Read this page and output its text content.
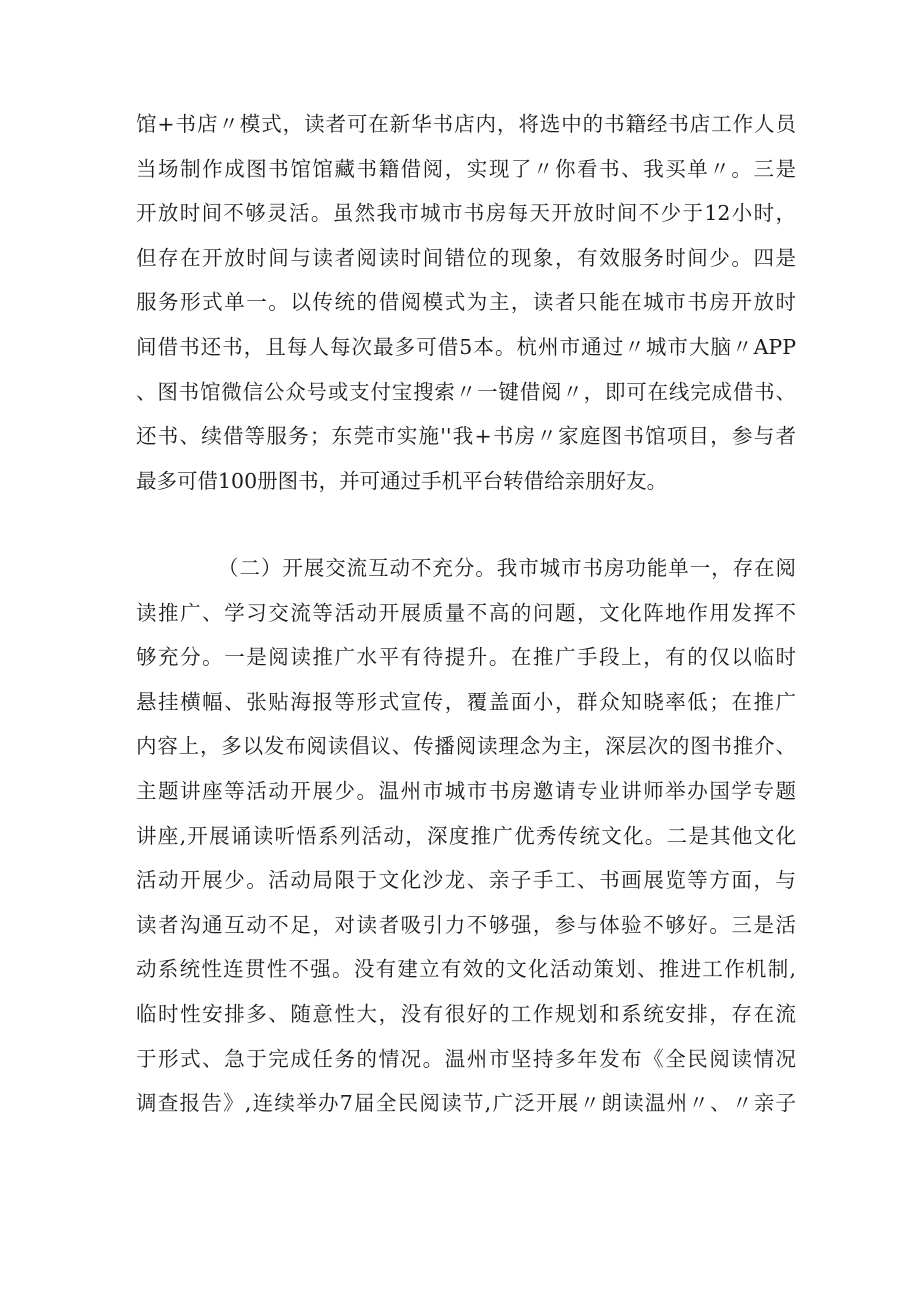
馆+书店〃模式，读者可在新华书店内，将选中的书籍经书店工作人员
当场制作成图书馆馆藏书籍借阅，实现了〃你看书、我买单〃。三是
开放时间不够灵活。虽然我市城市书房每天开放时间不少于12小时，
但存在开放时间与读者阅读时间错位的现象，有效服务时间少。四是
服务形式单一。以传统的借阅模式为主，读者只能在城市书房开放时
间借书还书，且每人每次最多可借5本。杭州市通过〃城市大脑〃APP
、图书馆微信公众号或支付宝搜索〃一键借阅〃，即可在线完成借书、
还书、续借等服务；东莞市实施''我+书房〃家庭图书馆项目，参与者
最多可借100册图书，并可通过手机平台转借给亲朋好友。
（二）开展交流互动不充分。我市城市书房功能单一，存在阅
读推广、学习交流等活动开展质量不高的问题，文化阵地作用发挥不
够充分。一是阅读推广水平有待提升。在推广手段上，有的仅以临时
悬挂横幅、张贴海报等形式宣传，覆盖面小，群众知晓率低；在推广
内容上，多以发布阅读倡议、传播阅读理念为主，深层次的图书推介、
主题讲座等活动开展少。温州市城市书房邀请专业讲师举办国学专题
讲座,开展诵读听悟系列活动，深度推广优秀传统文化。二是其他文化
活动开展少。活动局限于文化沙龙、亲子手工、书画展览等方面，与
读者沟通互动不足，对读者吸引力不够强，参与体验不够好。三是活
动系统性连贯性不强。没有建立有效的文化活动策划、推进工作机制,
临时性安排多、随意性大，没有很好的工作规划和系统安排，存在流
于形式、急于完成任务的情况。温州市坚持多年发布《全民阅读情况
调查报告》,连续举办7届全民阅读节,广泛开展〃朗读温州〃、〃亲子
